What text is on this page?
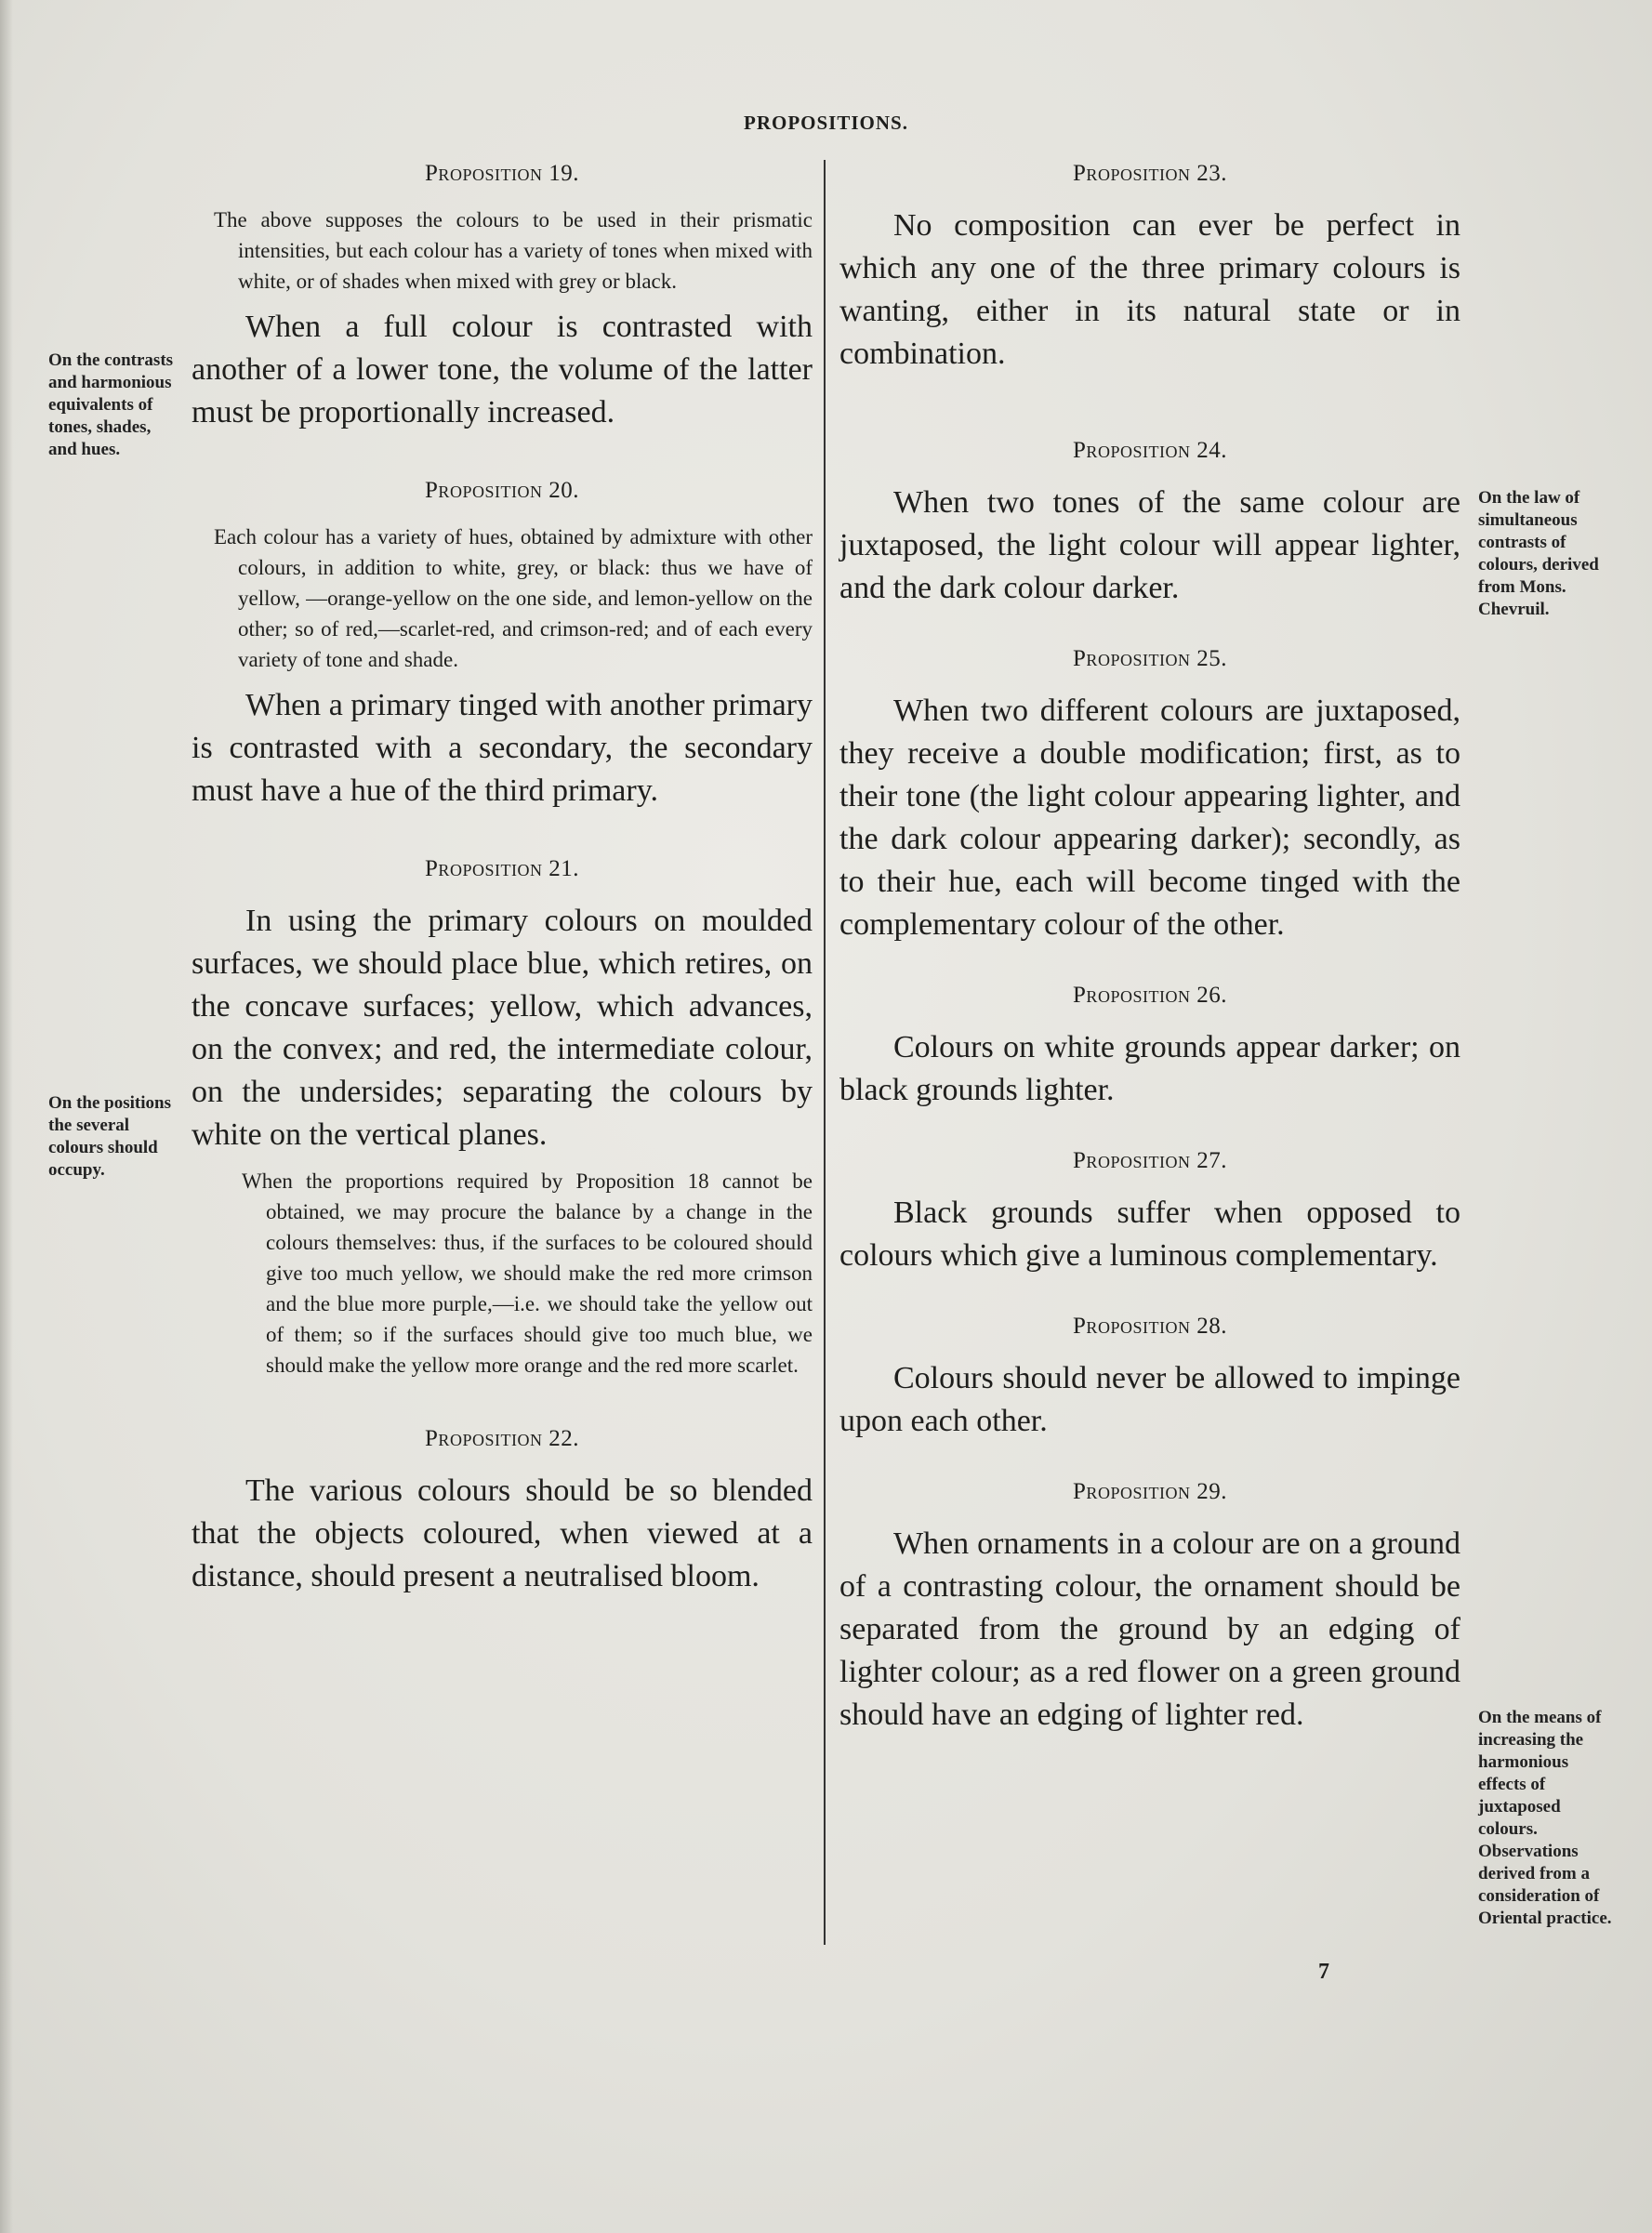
PROPOSITIONS.
On the contrasts and harmonious equivalents of tones, shades, and hues.
On the positions the several colours should occupy.
On the law of simultaneous contrasts of colours, derived from Mons. Chevruil.
On the means of increasing the harmonious effects of juxtaposed colours. Observations derived from a consideration of Oriental practice.
Proposition 19.

The above supposes the colours to be used in their prismatic intensities, but each colour has a variety of tones when mixed with white, or of shades when mixed with grey or black.

When a full colour is contrasted with another of a lower tone, the volume of the latter must be proportionally increased.

Proposition 20.

Each colour has a variety of hues, obtained by admixture with other colours, in addition to white, grey, or black: thus we have of yellow, —orange-yellow on the one side, and lemon-yellow on the other; so of red,—scarlet-red, and crimson-red; and of each every variety of tone and shade.

When a primary tinged with another primary is contrasted with a secondary, the secondary must have a hue of the third primary.

Proposition 21.

In using the primary colours on moulded surfaces, we should place blue, which retires, on the concave surfaces; yellow, which advances, on the convex; and red, the intermediate colour, on the undersides; separating the colours by white on the vertical planes.

When the proportions required by Proposition 18 cannot be obtained, we may procure the balance by a change in the colours themselves: thus, if the surfaces to be coloured should give too much yellow, we should make the red more crimson and the blue more purple,—i.e. we should take the yellow out of them; so if the surfaces should give too much blue, we should make the yellow more orange and the red more scarlet.

Proposition 22.

The various colours should be so blended that the objects coloured, when viewed at a distance, should present a neutralised bloom.

Proposition 23.

No composition can ever be perfect in which any one of the three primary colours is wanting, either in its natural state or in combination.

Proposition 24.

When two tones of the same colour are juxtaposed, the light colour will appear lighter, and the dark colour darker.

Proposition 25.

When two different colours are juxtaposed, they receive a double modification; first, as to their tone (the light colour appearing lighter, and the dark colour appearing darker); secondly, as to their hue, each will become tinged with the complementary colour of the other.

Proposition 26.

Colours on white grounds appear darker; on black grounds lighter.

Proposition 27.

Black grounds suffer when opposed to colours which give a luminous complementary.

Proposition 28.

Colours should never be allowed to impinge upon each other.

Proposition 29.

When ornaments in a colour are on a ground of a contrasting colour, the ornament should be separated from the ground by an edging of lighter colour; as a red flower on a green ground should have an edging of lighter red.

7
